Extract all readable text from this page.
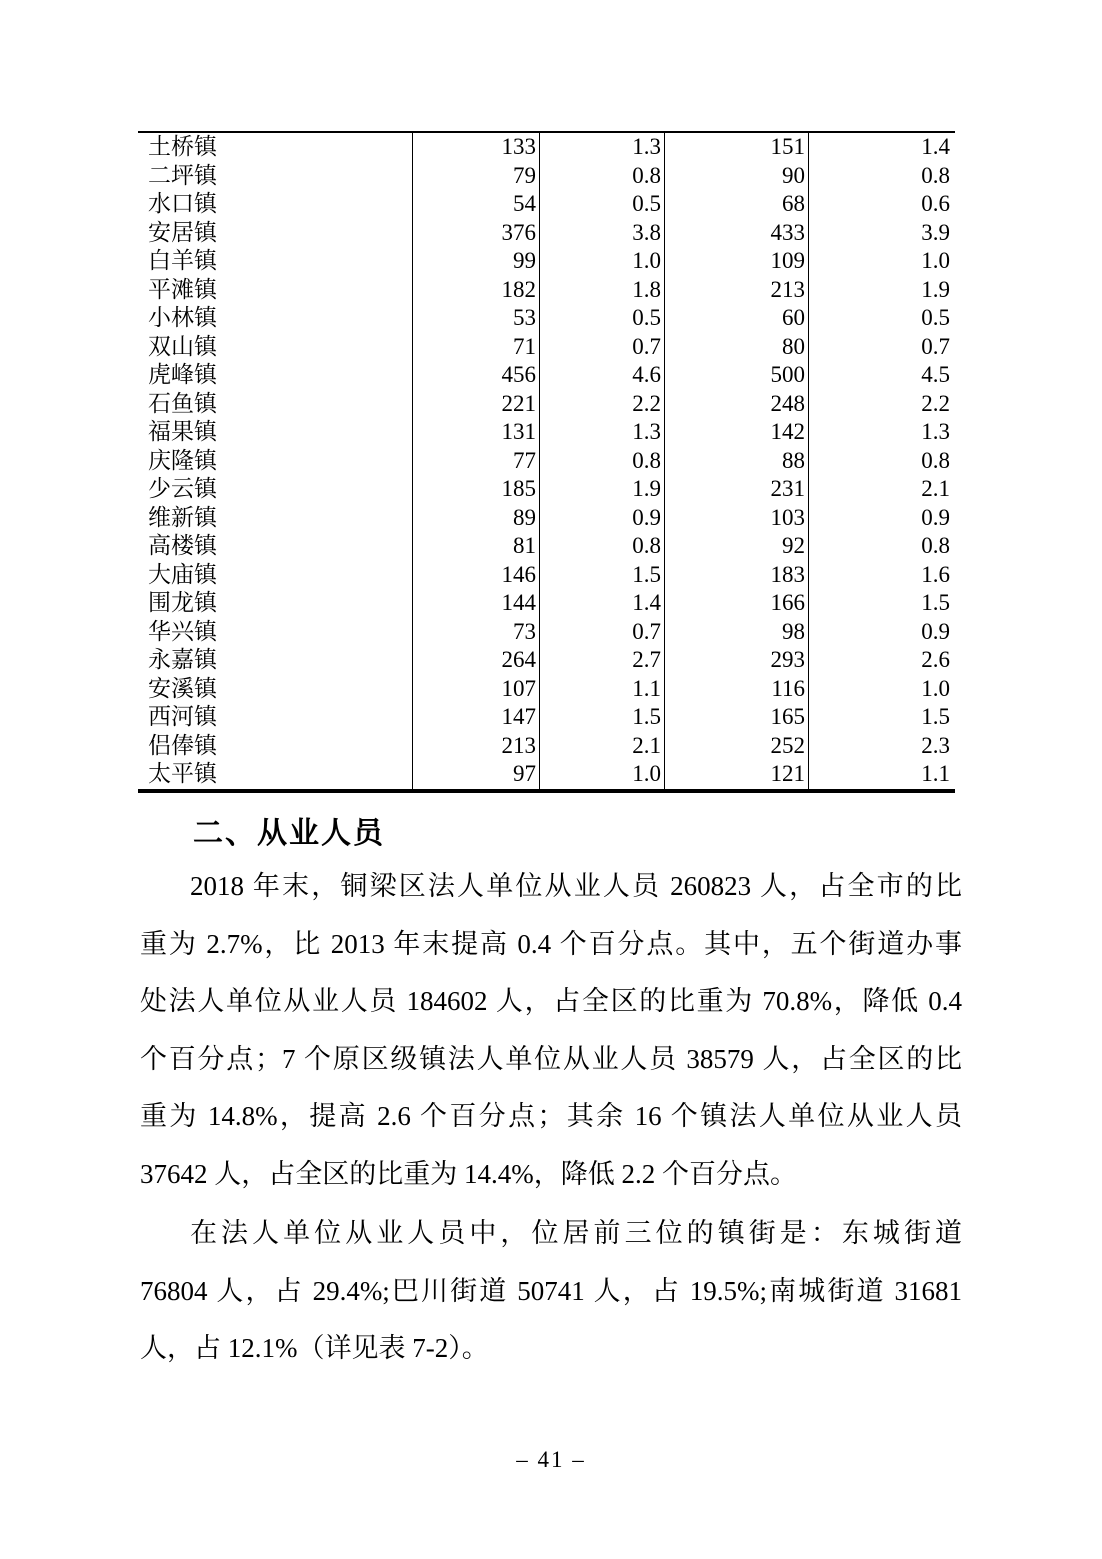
土桥镇	133	1.3	151	1.4
二坪镇	79	0.8	90	0.8
水口镇	54	0.5	68	0.6
安居镇	376	3.8	433	3.9
白羊镇	99	1.0	109	1.0
平滩镇	182	1.8	213	1.9
小林镇	53	0.5	60	0.5
双山镇	71	0.7	80	0.7
虎峰镇	456	4.6	500	4.5
石鱼镇	221	2.2	248	2.2
福果镇	131	1.3	142	1.3
庆隆镇	77	0.8	88	0.8
少云镇	185	1.9	231	2.1
维新镇	89	0.9	103	0.9
高楼镇	81	0.8	92	0.8
大庙镇	146	1.5	183	1.6
围龙镇	144	1.4	166	1.5
华兴镇	73	0.7	98	0.9
永嘉镇	264	2.7	293	2.6
安溪镇	107	1.1	116	1.0
西河镇	147	1.5	165	1.5
侣俸镇	213	2.1	252	2.3
太平镇	97	1.0	121	1.1
二、从业人员
2018 年末，铜梁区法人单位从业人员 260823 人，占全市的比
重为 2.7%，比 2013 年末提高 0.4 个百分点。其中，五个街道办事
处法人单位从业人员 184602 人，占全区的比重为 70.8%，降低 0.4
个百分点；7 个原区级镇法人单位从业人员 38579 人，占全区的比
重为 14.8%，提高 2.6 个百分点；其余 16 个镇法人单位从业人员
37642 人，占全区的比重为 14.4%，降低 2.2 个百分点。
在法人单位从业人员中，位居前三位的镇街是：东城街道
76804 人，占 29.4%;巴川街道 50741 人，占 19.5%;南城街道 31681
人，占 12.1%（详见表 7-2）。
– 41 –
